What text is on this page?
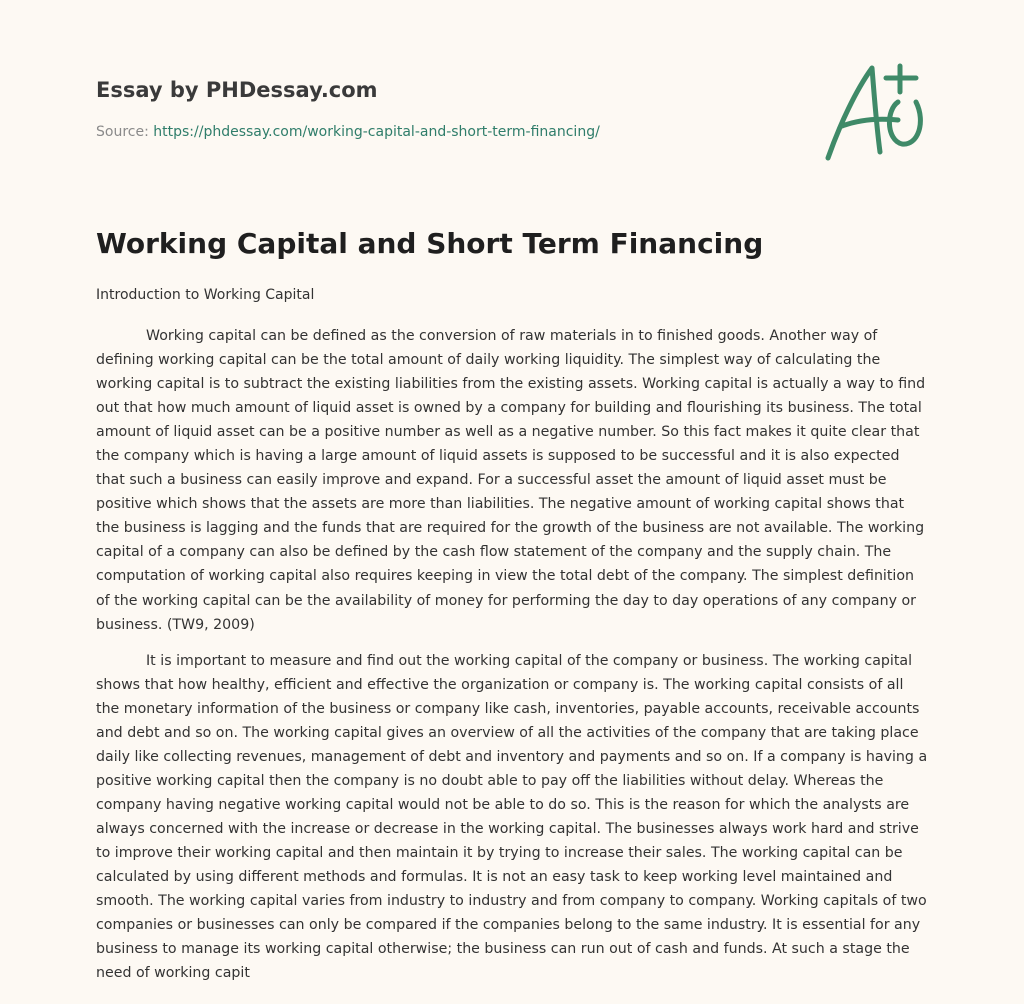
Essay by PHDessay.com
Source: https://phdessay.com/working-capital-and-short-term-financing/
Working Capital and Short Term Financing

Introduction to Working Capital

Working capital can be defined as the conversion of raw materials in to finished goods. Another way of defining working capital can be the total amount of daily working liquidity. The simplest way of calculating the working capital is to subtract the existing liabilities from the existing assets. Working capital is actually a way to find out that how much amount of liquid asset is owned by a company for building and flourishing its business. The total amount of liquid asset can be a positive number as well as a negative number. So this fact makes it quite clear that the company which is having a large amount of liquid assets is supposed to be successful and it is also expected that such a business can easily improve and expand. For a successful asset the amount of liquid asset must be positive which shows that the assets are more than liabilities. The negative amount of working capital shows that the business is lagging and the funds that are required for the growth of the business are not available. The working capital of a company can also be defined by the cash flow statement of the company and the supply chain. The computation of working capital also requires keeping in view the total debt of the company. The simplest definition of the working capital can be the availability of money for performing the day to day operations of any company or business. (TW9, 2009)

It is important to measure and find out the working capital of the company or business. The working capital shows that how healthy, efficient and effective the organization or company is. The working capital consists of all the monetary information of the business or company like cash, inventories, payable accounts, receivable accounts and debt and so on. The working capital gives an overview of all the activities of the company that are taking place daily like collecting revenues, management of debt and inventory and payments and so on. If a company is having a positive working capital then the company is no doubt able to pay off the liabilities without delay. Whereas the company having negative working capital would not be able to do so. This is the reason for which the analysts are always concerned with the increase or decrease in the working capital. The businesses always work hard and strive to improve their working capital and then maintain it by trying to increase their sales. The working capital can be calculated by using different methods and formulas. It is not an easy task to keep working level maintained and smooth. The working capital varies from industry to industry and from company to company. Working capitals of two companies or businesses can only be compared if the companies belong to the same industry. It is essential for any business to manage its working capital otherwise; the business can run out of cash and funds. At such a stage the need of working capit
